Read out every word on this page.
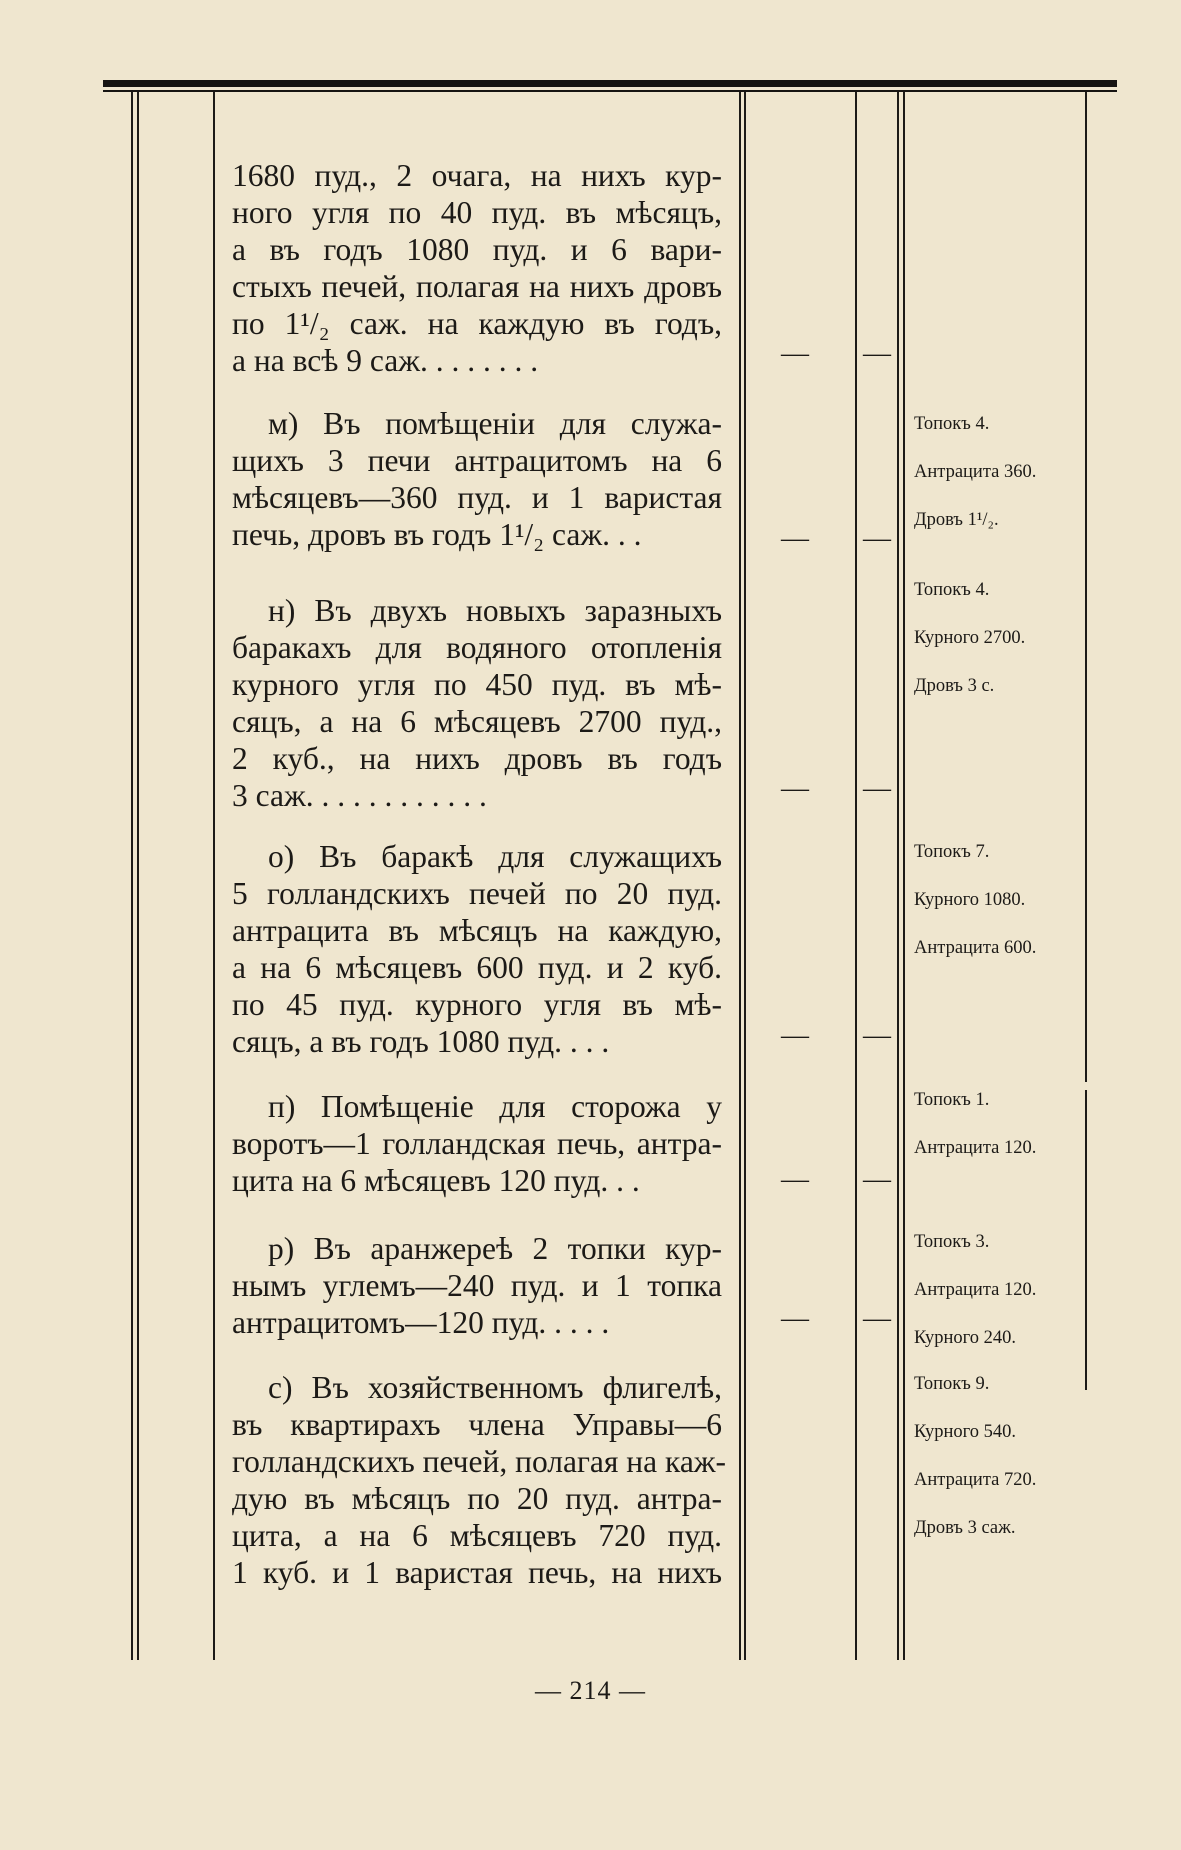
1680 пуд., 2 очага, на нихъ кур-
ного угля по 40 пуд. въ мѣсяцъ,
а въ годъ 1080 пуд. и 6 вари-
стыхъ печей, полагая на нихъ дровъ
по 1¹/₂ саж. на каждую въ годъ,
а на всѣ 9 саж. . . . . . . .	—	—
м) Въ помѣщеніи для служа-
щихъ 3 печи антрацитомъ на 6
мѣсяцевъ—360 пуд. и 1 варистая
печь, дровъ въ годъ 1¹/₂ саж. . .	—	—
Топокъ 4.
Антрацита 360.
Дровъ 1¹/₂.
н) Въ двухъ новыхъ заразныхъ
баракахъ для водяного отопленія
курного угля по 450 пуд. въ мѣ-
сяцъ, а на 6 мѣсяцевъ 2700 пуд.,
2 куб., на нихъ дровъ въ годъ
3 саж. . . . . . . . . . . .	—	—
Топокъ 4.
Курного 2700.
Дровъ 3 с.
о) Въ баракѣ для служащихъ
5 голландскихъ печей по 20 пуд.
антрацита въ мѣсяцъ на каждую,
а на 6 мѣсяцевъ 600 пуд. и 2 куб.
по 45 пуд. курного угля въ мѣ-
сяцъ, а въ годъ 1080 пуд. . . .	—	—
Топокъ 7.
Курного 1080.
Антрацита 600.
п) Помѣщеніе для сторожа у
воротъ—1 голландская печь, антра-
цита на 6 мѣсяцевъ 120 пуд. . .	—	—
Топокъ 1.
Антрацита 120.
р) Въ аранжереѣ 2 топки кур-
нымъ углемъ—240 пуд. и 1 топка
антрацитомъ—120 пуд. . . . .	—	—
Топокъ 3.
Антрацита 120.
Курного 240.
с) Въ хозяйственномъ флигелѣ,
въ квартирахъ члена Управы—6
голландскихъ печей, полагая на каж-
дую въ мѣсяцъ по 20 пуд. антра-
цита, а на 6 мѣсяцевъ 720 пуд.
1 куб. и 1 варистая печь, на нихъ
Топокъ 9.
Курного 540.
Антрацита 720.
Дровъ 3 саж.
— 214 —
